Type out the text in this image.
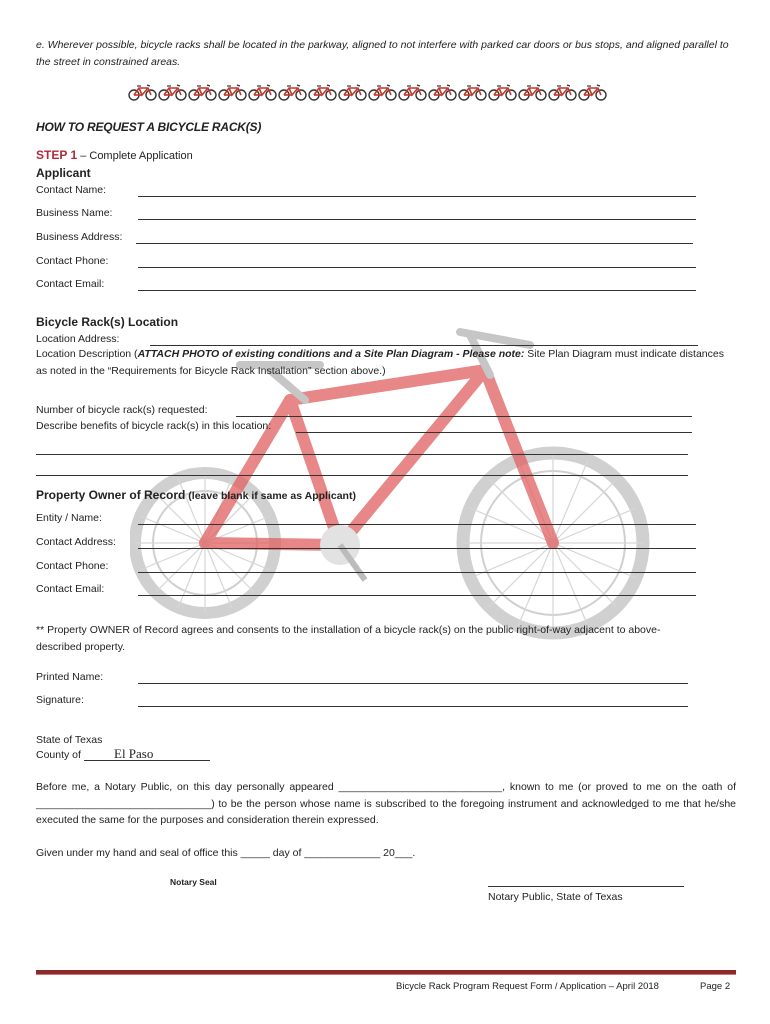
e. Wherever possible, bicycle racks shall be located in the parkway, aligned to not interfere with parked car doors or bus stops, and aligned parallel to the street in constrained areas.
HOW TO REQUEST A BICYCLE RACK(S)
STEP 1 – Complete Application
Applicant
Contact Name:
Business Name:
Business Address:
Contact Phone:
Contact Email:
Bicycle Rack(s) Location
Location Address:
Location Description (ATTACH PHOTO of existing conditions and a Site Plan Diagram - Please note: Site Plan Diagram must indicate distances as noted in the “Requirements for Bicycle Rack Installation” section above.)
Number of bicycle rack(s) requested:
Describe benefits of bicycle rack(s) in this location:
Property Owner of Record (leave blank if same as Applicant)
Entity / Name:
Contact Address:
Contact Phone:
Contact Email:
** Property OWNER of Record agrees and consents to the installation of a bicycle rack(s) on the public right-of-way adjacent to above-described property.
Printed Name:
Signature:
State of Texas
County of	El Paso
Before me, a Notary Public, on this day personally appeared ____________________________, known to me (or proved to me on the oath of ______________________________) to be the person whose name is subscribed to the foregoing instrument and acknowledged to me that he/she executed the same for the purposes and consideration therein expressed.
Given under my hand and seal of office this _____ day of _____________ 20___.
Notary Seal
Notary Public, State of Texas
Bicycle Rack Program Request Form / Application – April 2018	Page 2
